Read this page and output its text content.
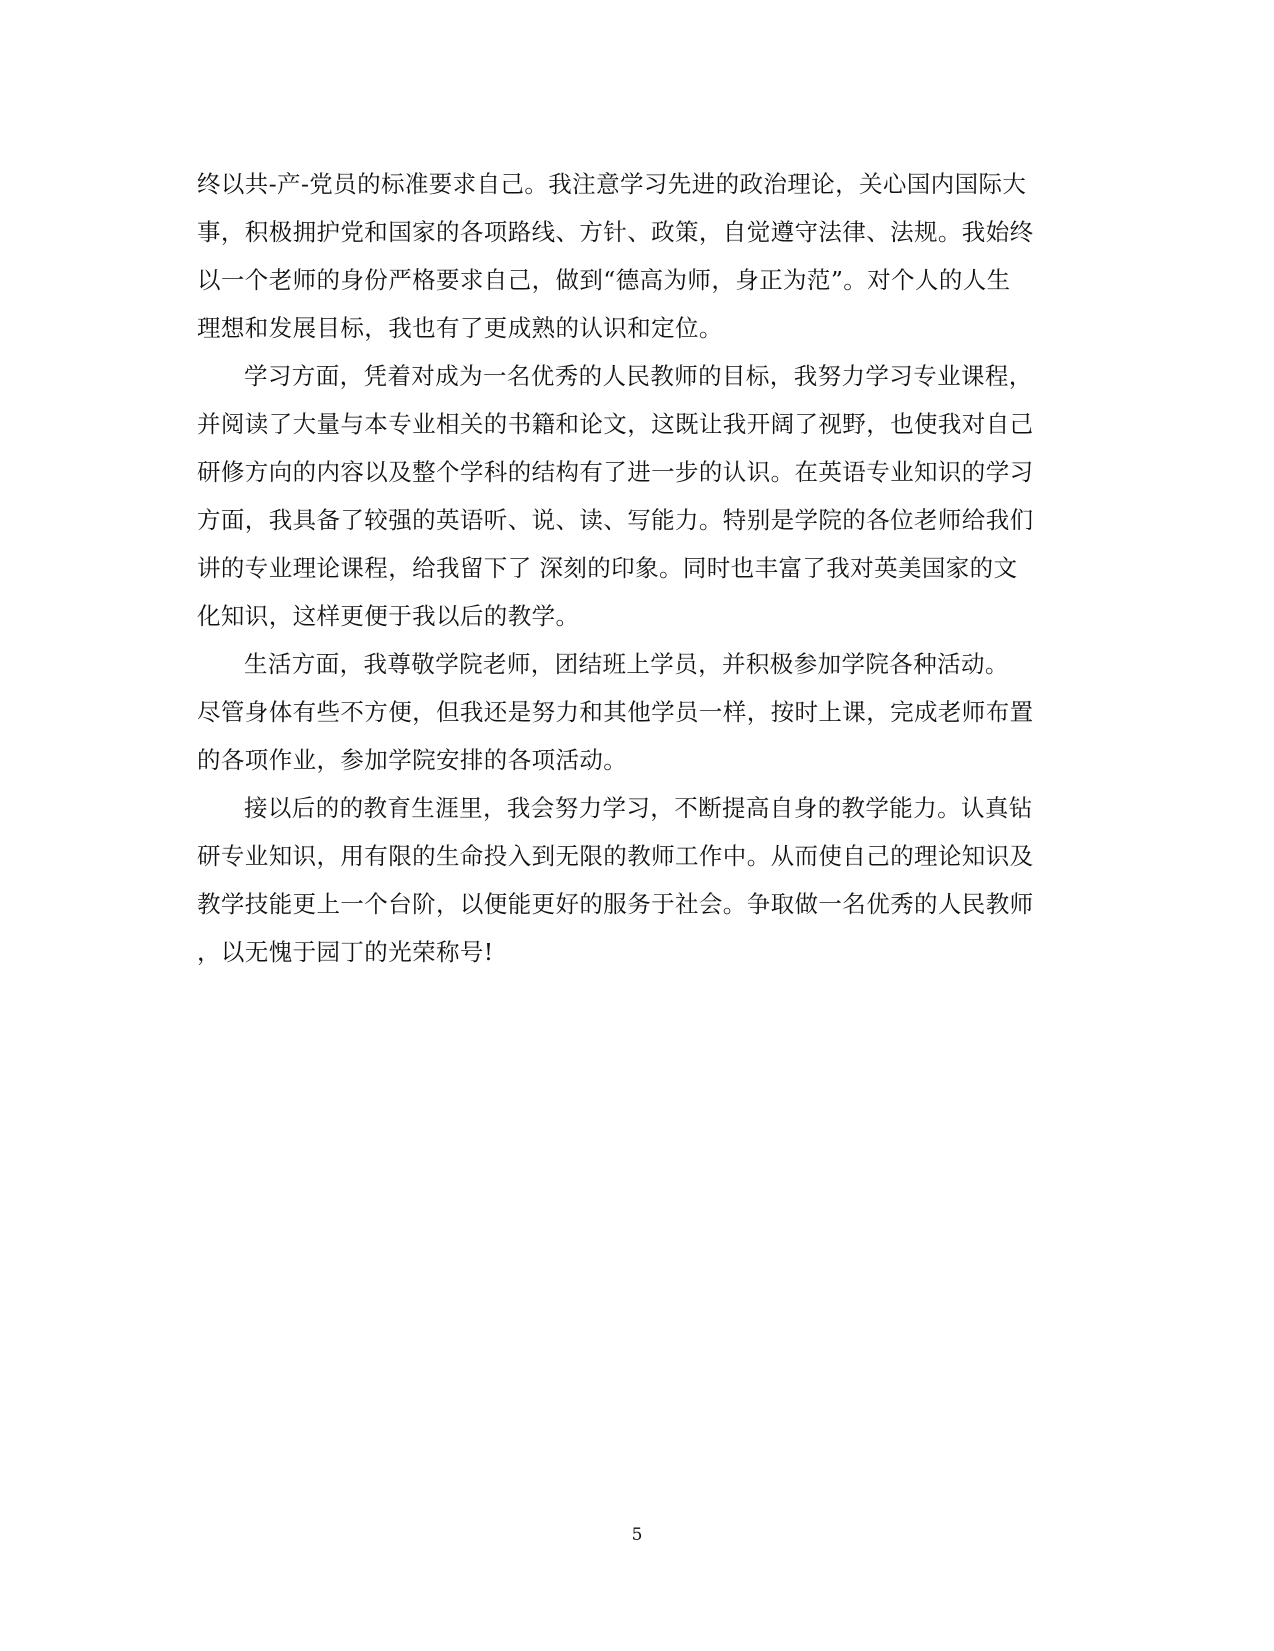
终以共-产-党员的标准要求自己。我注意学习先进的政治理论，关心国内国际大
事，积极拥护党和国家的各项路线、方针、政策，自觉遵守法律、法规。我始终
以一个老师的身份严格要求自己，做到“德高为师，身正为范”。对个人的人生
理想和发展目标，我也有了更成熟的认识和定位。
学习方面，凭着对成为一名优秀的人民教师的目标，我努力学习专业课程，
并阅读了大量与本专业相关的书籍和论文，这既让我开阔了视野，也使我对自己
研修方向的内容以及整个学科的结构有了进一步的认识。在英语专业知识的学习
方面，我具备了较强的英语听、说、读、写能力。特别是学院的各位老师给我们
讲的专业理论课程，给我留下了 深刻的印象。同时也丰富了我对英美国家的文
化知识，这样更便于我以后的教学。
生活方面，我尊敬学院老师，团结班上学员，并积极参加学院各种活动。
尽管身体有些不方便，但我还是努力和其他学员一样，按时上课，完成老师布置
的各项作业，参加学院安排的各项活动。
接以后的的教育生涯里，我会努力学习，不断提高自身的教学能力。认真钻
研专业知识，用有限的生命投入到无限的教师工作中。从而使自己的理论知识及
教学技能更上一个台阶，以便能更好的服务于社会。争取做一名优秀的人民教师
，以无愧于园丁的光荣称号!
5
